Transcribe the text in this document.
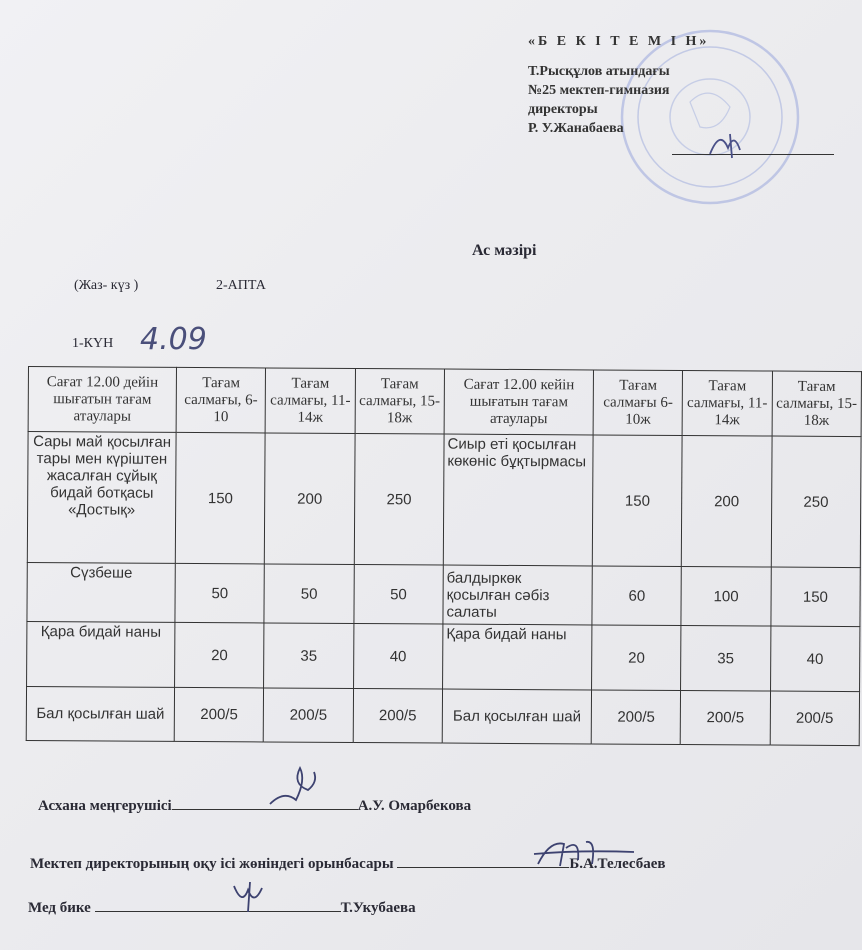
«Б Е К І Т Е М І Н»
Т.Рысқұлов атындағы
№25 мектеп-гимназия
директоры
Р. У.Жанабаева
Ас мәзірі
(Жаз- күз )	2-АПТА
1-КҮН 4.09
Сағат 12.00 дейін шығатын тағам атаулары	Тағам салмағы, 6-10	Тағам салмағы, 11-14ж	Тағам салмағы, 15-18ж	Сағат 12.00 кейін шығатын тағам атаулары	Тағам салмағы 6-10ж	Тағам салмағы, 11-14ж	Тағам салмағы, 15-18ж
Сары май қосылған тары мен күріштен жасалған сұйық бидай ботқасы «Достық»	150	200	250	Сиыр еті қосылған көкөніс бұқтырмасы	150	200	250
Сүзбеше	50	50	50	балдыркөк қосылған сәбіз салаты	60	100	150
Қара бидай наны	20	35	40	Қара бидай наны	20	35	40
Бал қосылған шай	200/5	200/5	200/5	Бал қосылған шай	200/5	200/5	200/5
Асхана меңгерушісі	А.У. Омарбекова
Мектеп директорының оқу ісі жөніндегі орынбасары	Б.А.Телесбаев
Мед бике	Т.Укубаева
